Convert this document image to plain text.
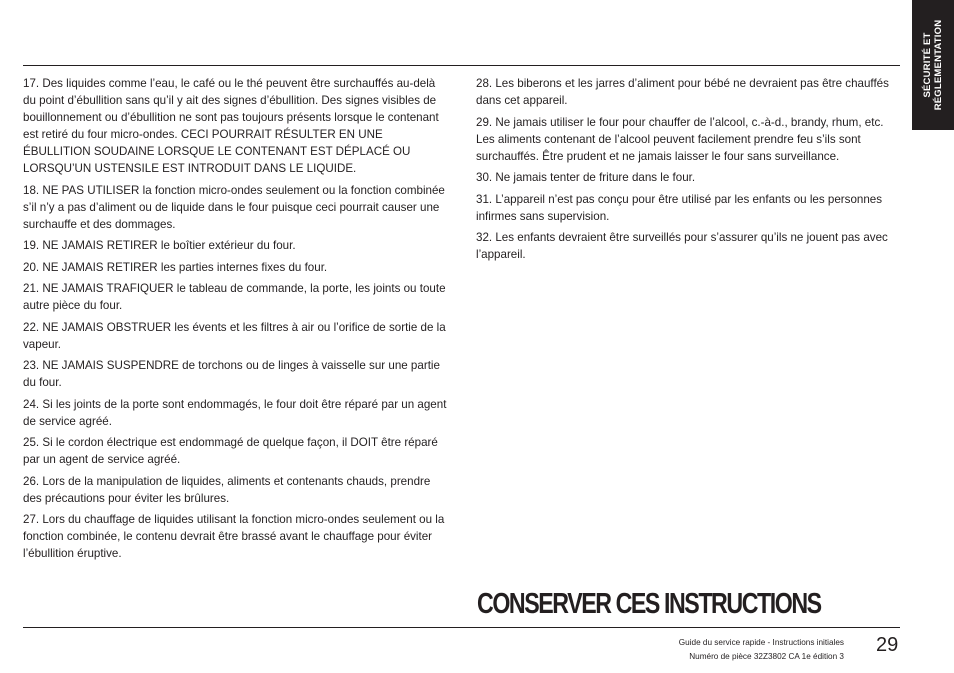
SÉCURITÉ ET RÉGLEMENTATION

17. Des liquides comme l’eau, le café ou le thé peuvent être surchauffés au-delà du point d’ébullition sans qu’il y ait des signes d’ébullition. Des signes visibles de bouillonnement ou d’ébullition ne sont pas toujours présents lorsque le contenant est retiré du four micro-ondes. CECI POURRAIT RÉSULTER EN UNE ÉBULLITION SOUDAINE LORSQUE LE CONTENANT EST DÉPLACÉ OU LORSQU’UN USTENSILE EST INTRODUIT DANS LE LIQUIDE.

18. NE PAS UTILISER la fonction micro-ondes seulement ou la fonction combinée s’il n’y a pas d’aliment ou de liquide dans le four puisque ceci pourrait causer une surchauffe et des dommages.

19. NE JAMAIS RETIRER le boîtier extérieur du four.

20. NE JAMAIS RETIRER les parties internes fixes du four.

21. NE JAMAIS TRAFIQUER le tableau de commande, la porte, les joints ou toute autre pièce du four.

22. NE JAMAIS OBSTRUER les évents et les filtres à air ou l’orifice de sortie de la vapeur.

23. NE JAMAIS SUSPENDRE de torchons ou de linges à vaisselle sur une partie du four.

24. Si les joints de la porte sont endommagés, le four doit être réparé par un agent de service agréé.

25. Si le cordon électrique est endommagé de quelque façon, il DOIT être réparé par un agent de service agréé.

26. Lors de la manipulation de liquides, aliments et contenants chauds, prendre des précautions pour éviter les brûlures.

27. Lors du chauffage de liquides utilisant la fonction micro-ondes seulement ou la fonction combinée, le contenu devrait être brassé avant le chauffage pour éviter l’ébullition éruptive.

28. Les biberons et les jarres d’aliment pour bébé ne devraient pas être chauffés dans cet appareil.

29. Ne jamais utiliser le four pour chauffer de l’alcool, c.-à-d., brandy, rhum, etc. Les aliments contenant de l’alcool peuvent facilement prendre feu s’ils sont surchauffés. Être prudent et ne jamais laisser le four sans surveillance.

30. Ne jamais tenter de friture dans le four.

31. L’appareil n’est pas conçu pour être utilisé par les enfants ou les personnes infirmes sans supervision.

32. Les enfants devraient être surveillés pour s’assurer qu’ils ne jouent pas avec l’appareil.

CONSERVER CES INSTRUCTIONS
Guide du service rapide - Instructions initiales
Numéro de pièce 32Z3802 CA 1e édition 3
29
